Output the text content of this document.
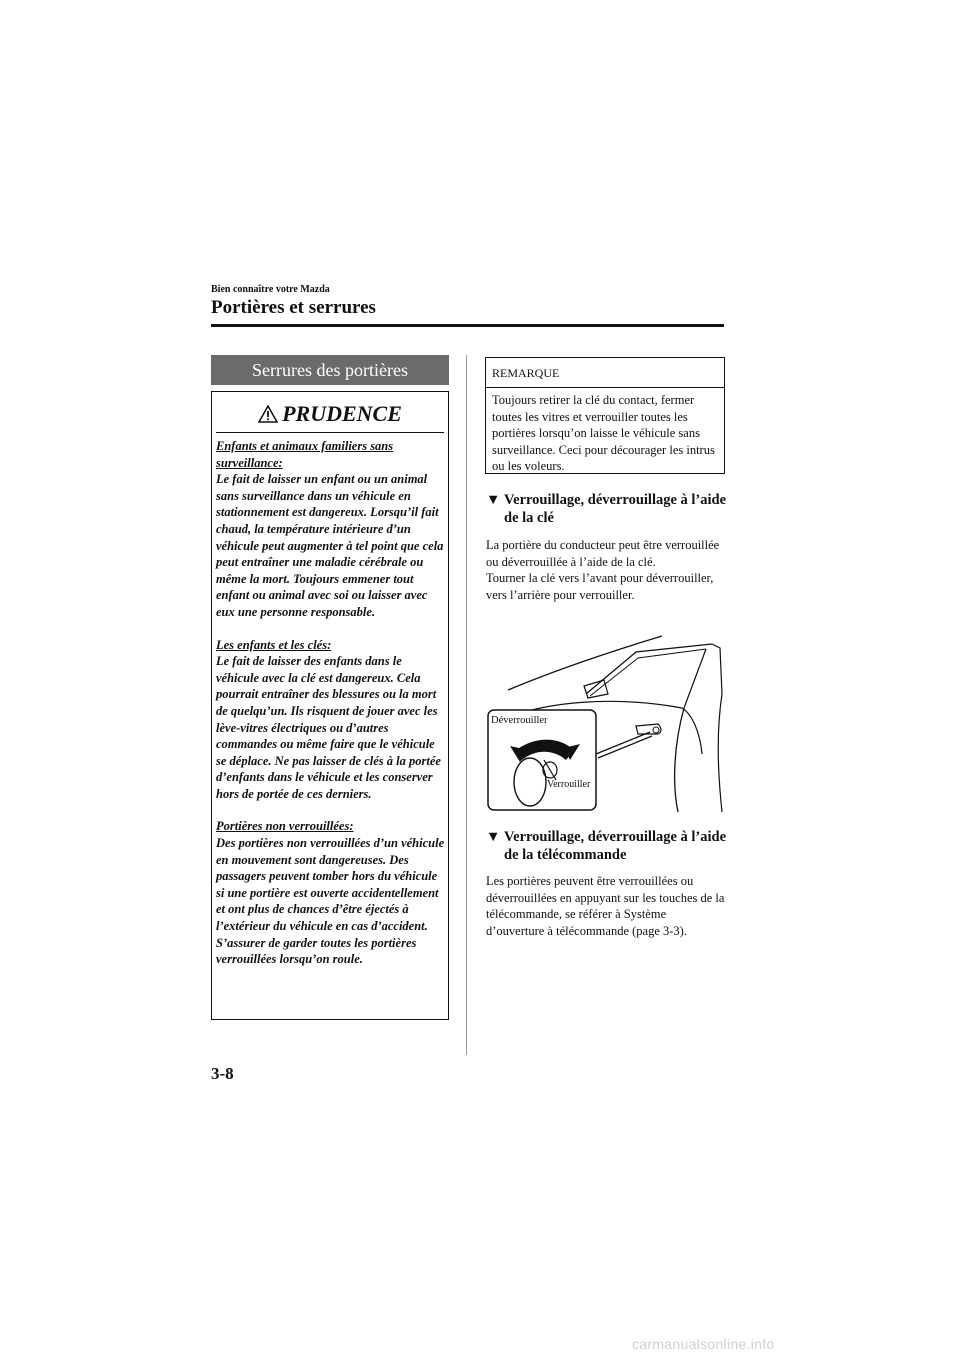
Bien connaître votre Mazda
Portières et serrures
Serrures des portières
PRUDENCE

Enfants et animaux familiers sans surveillance:
Le fait de laisser un enfant ou un animal sans surveillance dans un véhicule en stationnement est dangereux. Lorsqu’il fait chaud, la température intérieure d’un véhicule peut augmenter à tel point que cela peut entraîner une maladie cérébrale ou même la mort. Toujours emmener tout enfant ou animal avec soi ou laisser avec eux une personne responsable.

Les enfants et les clés:
Le fait de laisser des enfants dans le véhicule avec la clé est dangereux. Cela pourrait entraîner des blessures ou la mort de quelqu’un. Ils risquent de jouer avec les lève-vitres électriques ou d’autres commandes ou même faire que le véhicule se déplace. Ne pas laisser de clés à la portée d’enfants dans le véhicule et les conserver hors de portée de ces derniers.

Portières non verrouillées:
Des portières non verrouillées d’un véhicule en mouvement sont dangereuses. Des passagers peuvent tomber hors du véhicule si une portière est ouverte accidentellement et ont plus de chances d’être éjectés à l’extérieur du véhicule en cas d’accident. S’assurer de garder toutes les portières verrouillées lorsqu’on roule.

REMARQUE
Toujours retirer la clé du contact, fermer toutes les vitres et verrouiller toutes les portières lorsqu’on laisse le véhicule sans surveillance. Ceci pour décourager les intrus ou les voleurs.
▼ Verrouillage, déverrouillage à l’aide de la clé
La portière du conducteur peut être verrouillée ou déverrouillée à l’aide de la clé.
Tourner la clé vers l’avant pour déverrouiller, vers l’arrière pour verrouiller.
Déverrouiller
Verrouiller
▼ Verrouillage, déverrouillage à l’aide de la télécommande
Les portières peuvent être verrouillées ou déverrouillées en appuyant sur les touches de la télécommande, se référer à Système d’ouverture à télécommande (page 3-3).
3-8
carmanualsonline.info
